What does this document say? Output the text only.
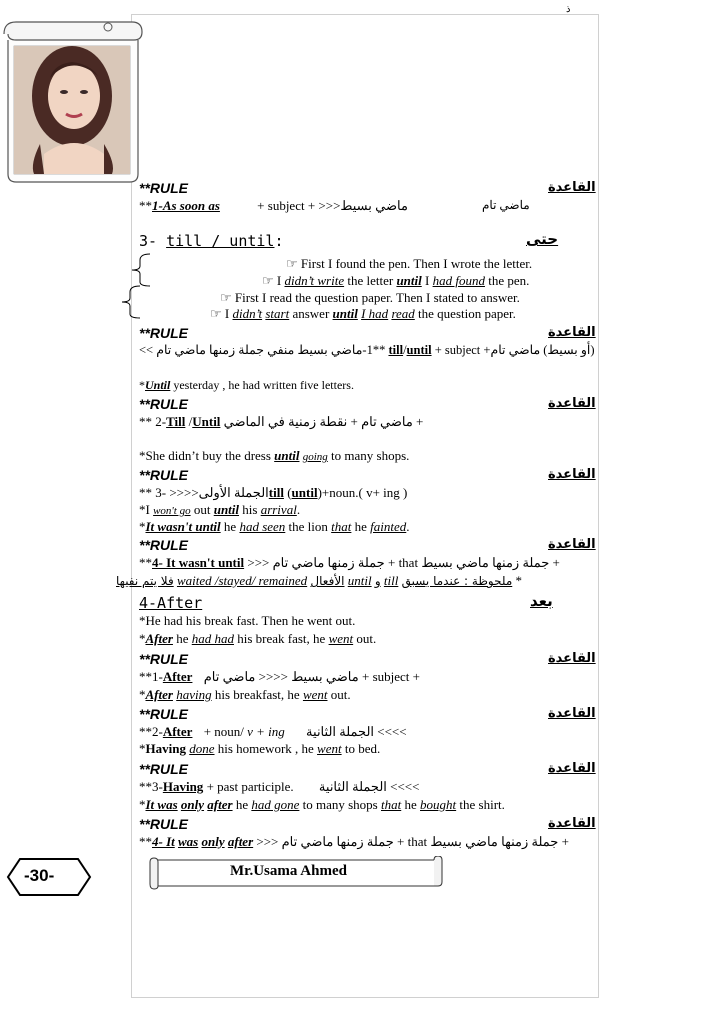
ذ
**RULE	القاعدة
**1-As soon as	+ subject + ماضي بسيط<<<	ماضي تام
3- till / until:	حتى
☞ First I found the pen. Then I wrote the letter.
☞ I didn’t write the letter until I had found the pen.
☞ First I read the question paper. Then I stated to answer.
☞ I didn’t start answer until I had read the question paper.
**RULE	القاعدة
**1-ماضي بسيط منفي جملة زمنها ماضي تام >>	till/until + subject +(أو بسيط) ماضي تام
*Until yesterday , he had written five letters.
**RULE	القاعدة
** 2-Till /Until + ماضي تام + نقطة زمنية في الماضي
*She didn’t buy the dress until going to many shops.
**RULE	القاعدة
** 3- الجملة الأولى<<<<till (until)+noun.( v+ ing )
*I won't go out until his arrival.
*It wasn't until he had seen the lion that he fainted.
**RULE	القاعدة
**4- It wasn't until + جملة زمنها ماضي تام <<< that + جملة زمنها ماضي بسيط
فلا يتم نفيها waited /stayed/ remained الأفعال until و till ملحوظة : عندما يسبق *
4-After	بعد
*He had his break fast. Then he went out.
*After he had had his break fast, he went out.
**RULE	القاعدة
**1-After + subject + ماضي بسيط <<<< ماضي تام
*After having his breakfast, he went out.
**RULE	القاعدة
**2-After + noun/ v + ing >>>> الجملة الثانية
*Having done his homework , he went to bed.
**RULE	القاعدة
**3-Having + past participle. >>>> الجملة الثانية
*It was only after he had gone to many shops that he bought the shirt.
**RULE	القاعدة
**4- It was only after + جملة زمنها ماضي تام <<< that + جملة زمنها ماضي بسيط
Mr.Usama Ahmed
-30-
